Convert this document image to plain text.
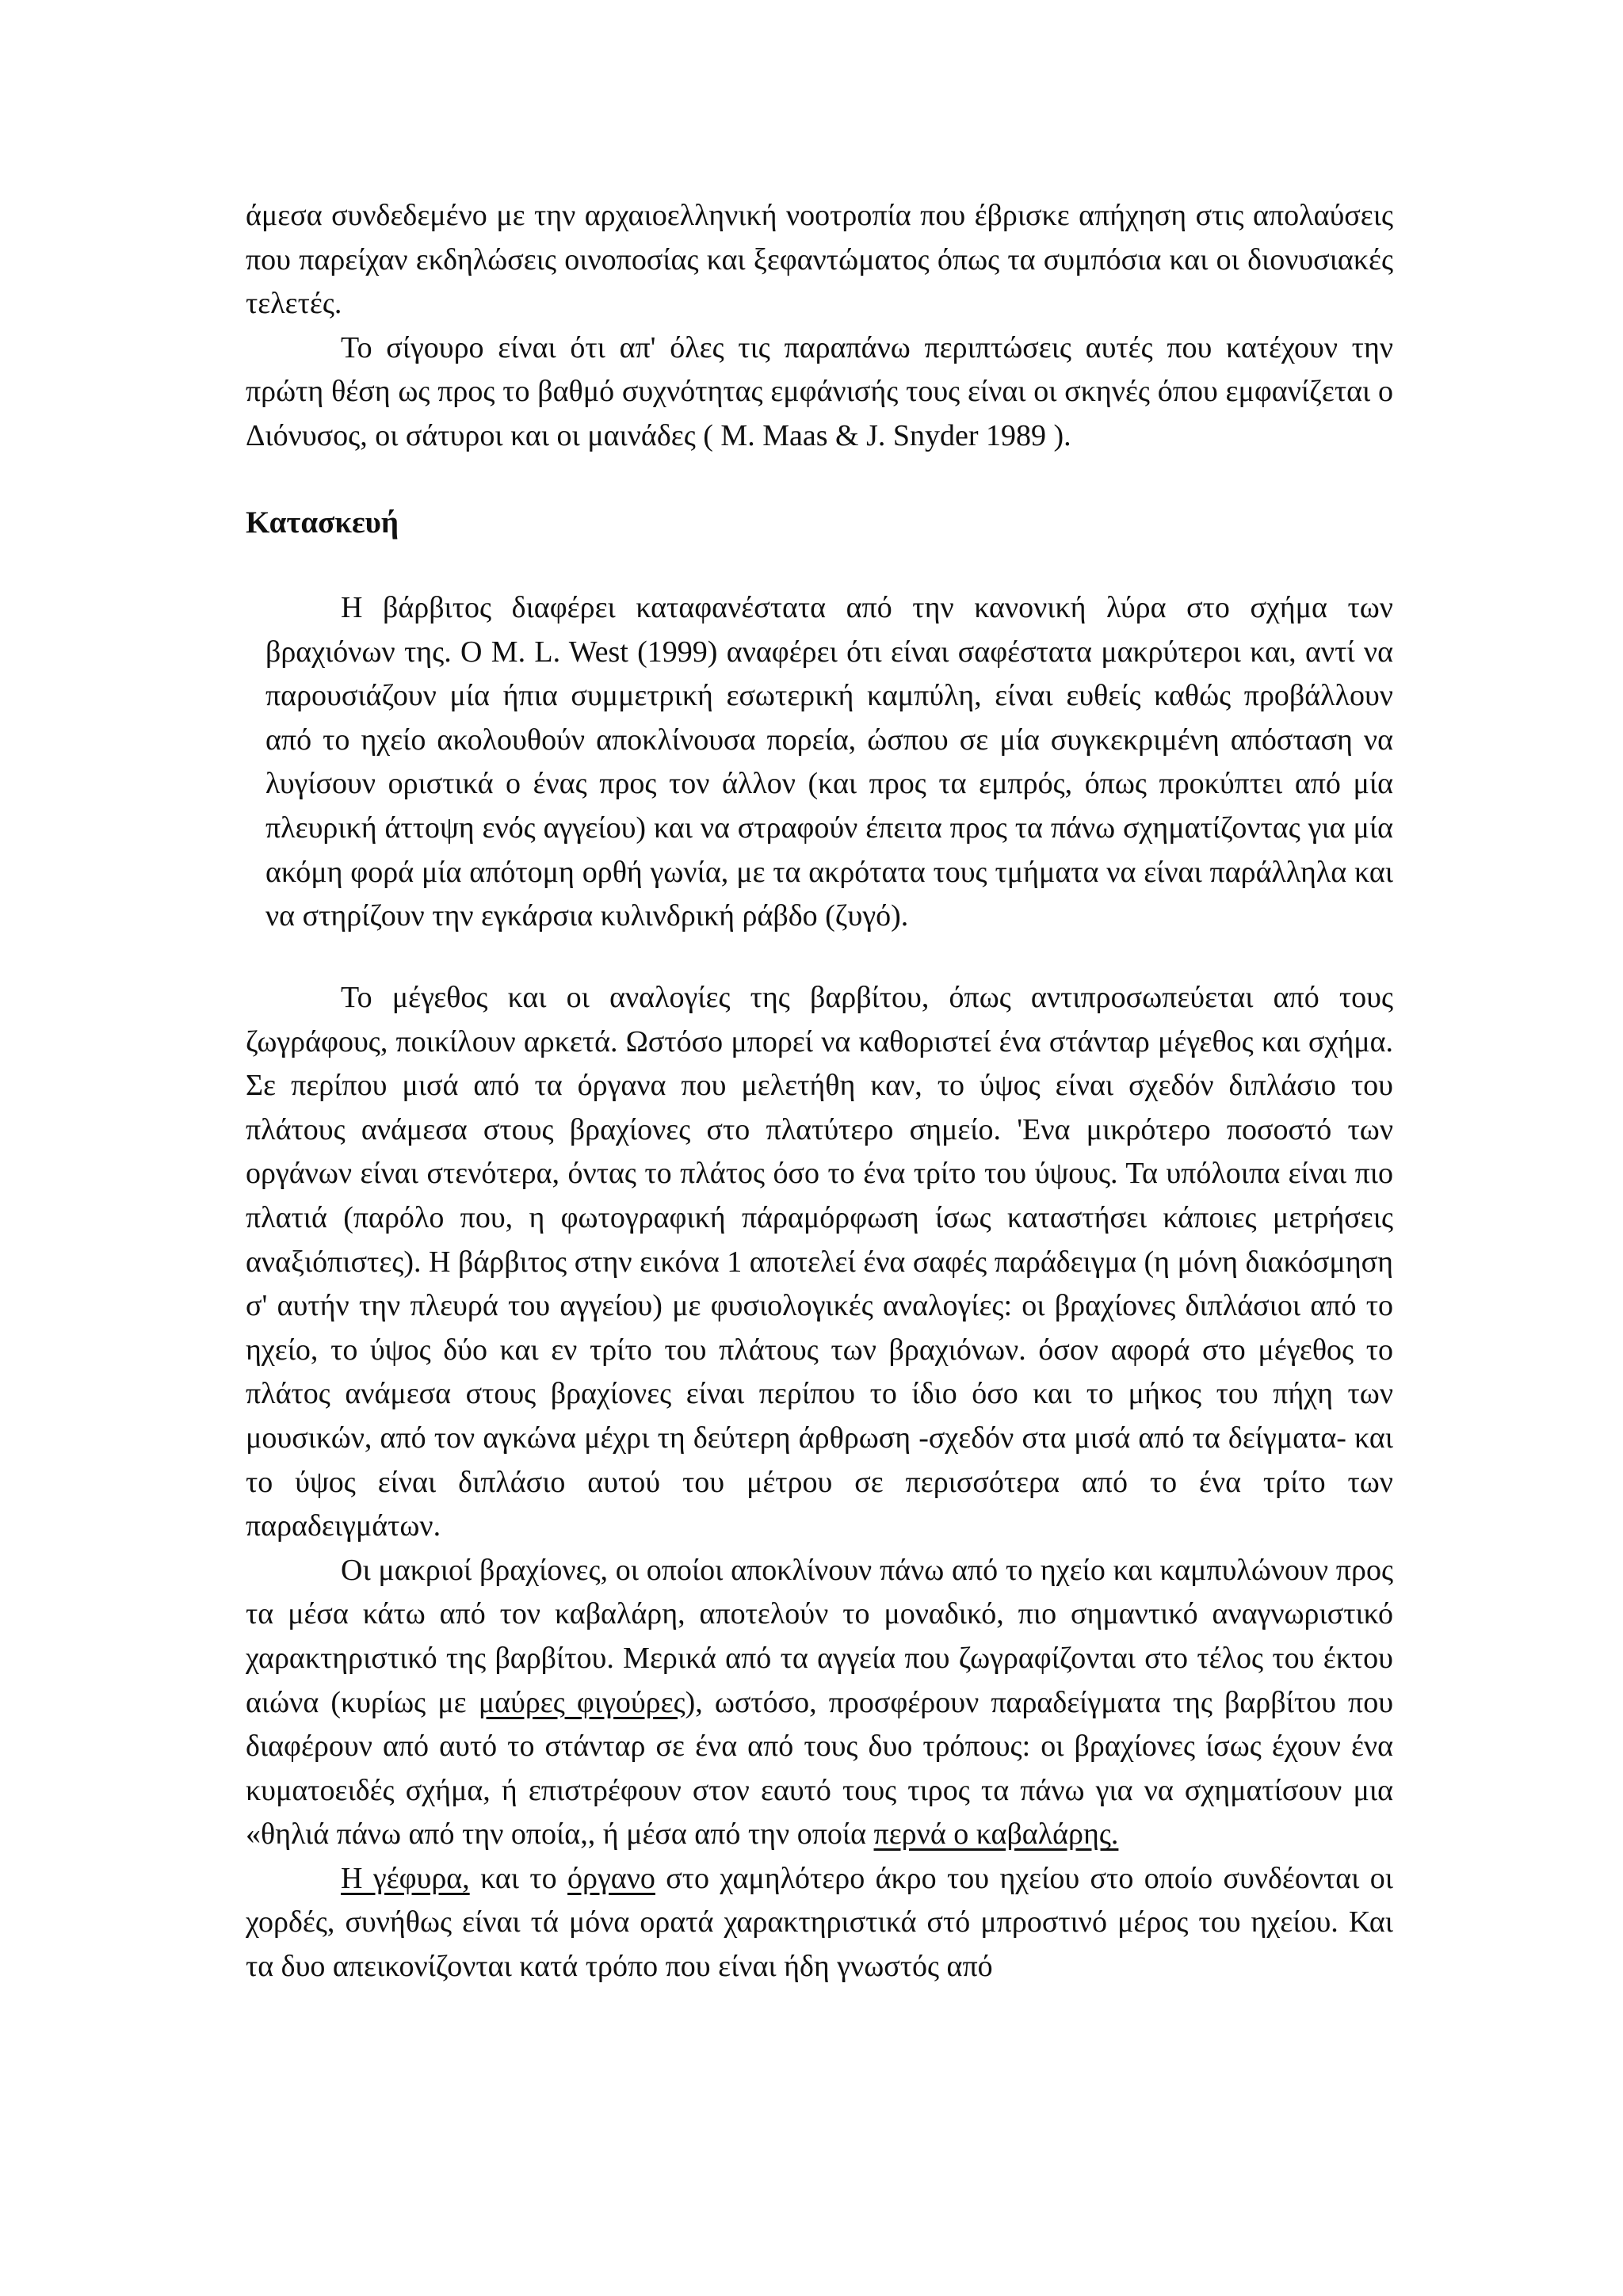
άμεσα συνδεδεμένο με την αρχαιοελληνική νοοτροπία που έβρισκε απήχηση στις απολαύσεις που παρείχαν εκδηλώσεις οινοποσίας και ξεφαντώματος όπως τα συμπόσια και οι διονυσιακές τελετές.

Το σίγουρο είναι ότι απ' όλες τις παραπάνω περιπτώσεις αυτές που κατέχουν την πρώτη θέση ως προς το βαθμό συχνότητας εμφάνισής τους είναι οι σκηνές όπου εμφανίζεται ο Διόνυσος, οι σάτυροι και οι μαινάδες ( M. Maas & J. Snyder 1989 ).

Κατασκευή

Η βάρβιτος διαφέρει καταφανέστατα από την κανονική λύρα στο σχήμα των βραχιόνων της. Ο M. L. West (1999) αναφέρει ότι είναι σαφέστατα μακρύτεροι και, αντί να παρουσιάζουν μία ήπια συμμετρική εσωτερική καμπύλη, είναι ευθείς καθώς προβάλλουν από το ηχείο ακολουθούν αποκλίνουσα πορεία, ώσπου σε μία συγκεκριμένη απόσταση να λυγίσουν οριστικά ο ένας προς τον άλλον (και προς τα εμπρός, όπως προκύπτει από μία πλευρική άττοψη ενός αγγείου) και να στραφούν έπειτα προς τα πάνω σχηματίζοντας για μία ακόμη φορά μία απότομη ορθή γωνία, με τα ακρότατα τους τμήματα να είναι παράλληλα και να στηρίζουν την εγκάρσια κυλινδρική ράβδο (ζυγό).

Το μέγεθος και οι αναλογίες της βαρβίτου, όπως αντιπροσωπεύεται από τους ζωγράφους, ποικίλουν αρκετά. Ωστόσο μπορεί να καθοριστεί ένα στάνταρ μέγεθος και σχήμα. Σε περίπου μισά από τα όργανα που μελετήθη καν, το ύψος είναι σχεδόν διπλάσιο του πλάτους ανάμεσα στους βραχίονες στο πλατύτερο σημείο. 'Ενα μικρότερο ποσοστό των οργάνων είναι στενότερα, όντας το πλάτος όσο το ένα τρίτο του ύψους. Τα υπόλοιπα είναι πιο πλατιά (παρόλο που, η φωτογραφική πάραμόρφωση ίσως καταστήσει κάποιες μετρήσεις αναξιόπιστες). Η βάρβιτος στην εικόνα 1 αποτελεί ένα σαφές παράδειγμα (η μόνη διακόσμηση σ' αυτήν την πλευρά του αγγείου) με φυσιολογικές αναλογίες: οι βραχίονες διπλάσιοι από το ηχείο, το ύψος δύο και εν τρίτο του πλάτους των βραχιόνων. όσον αφορά στο μέγεθος το πλάτος ανάμεσα στους βραχίονες είναι περίπου το ίδιο όσο και το μήκος του πήχη των μουσικών, από τον αγκώνα μέχρι τη δεύτερη άρθρωση -σχεδόν στα μισά από τα δείγματα- και το ύψος είναι διπλάσιο αυτού του μέτρου σε περισσότερα από το ένα τρίτο των παραδειγμάτων.

Οι μακριοί βραχίονες, οι οποίοι αποκλίνουν πάνω από το ηχείο και καμπυλώνουν προς τα μέσα κάτω από τον καβαλάρη, αποτελούν το μοναδικό, πιο σημαντικό αναγνωριστικό χαρακτηριστικό της βαρβίτου. Μερικά από τα αγγεία που ζωγραφίζονται στο τέλος του έκτου αιώνα (κυρίως με μαύρες φιγούρες), ωστόσο, προσφέρουν παραδείγματα της βαρβίτου που διαφέρουν από αυτό το στάνταρ σε ένα από τους δυο τρόπους: οι βραχίονες ίσως έχουν ένα κυματοειδές σχήμα, ή επιστρέφουν στον εαυτό τους τιρος τα πάνω για να σχηματίσουν μια «θηλιά πάνω από την οποία,, ή μέσα από την οποία περνά ο καβαλάρης.

Η γέφυρα, και το όργανο στο χαμηλότερο άκρο του ηχείου στο οποίο συνδέονται οι χορδές, συνήθως είναι τά μόνα ορατά χαρακτηριστικά στό μπροστινό μέρος του ηχείου. Και τα δυο απεικονίζονται κατά τρόπο που είναι ήδη γνωστός από
